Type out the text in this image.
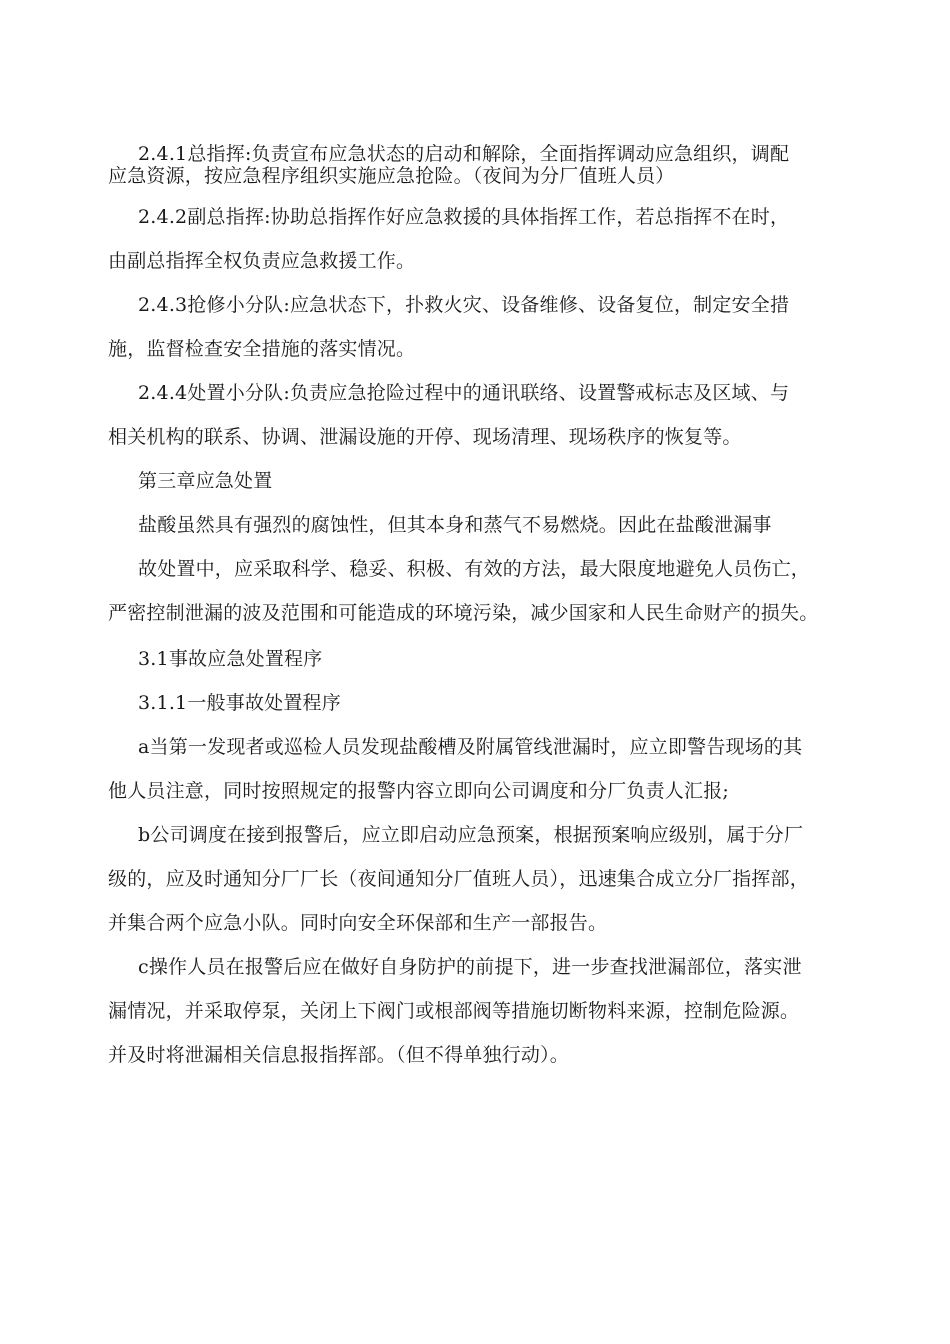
2.4.1总指挥:负责宣布应急状态的启动和解除，全面指挥调动应急组织，调配
应急资源，按应急程序组织实施应急抢险。（夜间为分厂值班人员）
2.4.2副总指挥:协助总指挥作好应急救援的具体指挥工作，若总指挥不在时，
由副总指挥全权负责应急救援工作。
2.4.3抢修小分队:应急状态下，扑救火灾、设备维修、设备复位，制定安全措
施，监督检查安全措施的落实情况。
2.4.4处置小分队:负责应急抢险过程中的通讯联络、设置警戒标志及区域、与
相关机构的联系、协调、泄漏设施的开停、现场清理、现场秩序的恢复等。
第三章应急处置
盐酸虽然具有强烈的腐蚀性，但其本身和蒸气不易燃烧。因此在盐酸泄漏事
故处置中，应采取科学、稳妥、积极、有效的方法，最大限度地避免人员伤亡，
严密控制泄漏的波及范围和可能造成的环境污染，减少国家和人民生命财产的损失。
3.1事故应急处置程序
3.1.1一般事故处置程序
a当第一发现者或巡检人员发现盐酸槽及附属管线泄漏时，应立即警告现场的其
他人员注意，同时按照规定的报警内容立即向公司调度和分厂负责人汇报;
b公司调度在接到报警后，应立即启动应急预案，根据预案响应级别，属于分厂
级的，应及时通知分厂厂长（夜间通知分厂值班人员），迅速集合成立分厂指挥部，
并集合两个应急小队。同时向安全环保部和生产一部报告。
c操作人员在报警后应在做好自身防护的前提下，进一步查找泄漏部位，落实泄
漏情况，并采取停泵，关闭上下阀门或根部阀等措施切断物料来源，控制危险源。
并及时将泄漏相关信息报指挥部。（但不得单独行动）。
